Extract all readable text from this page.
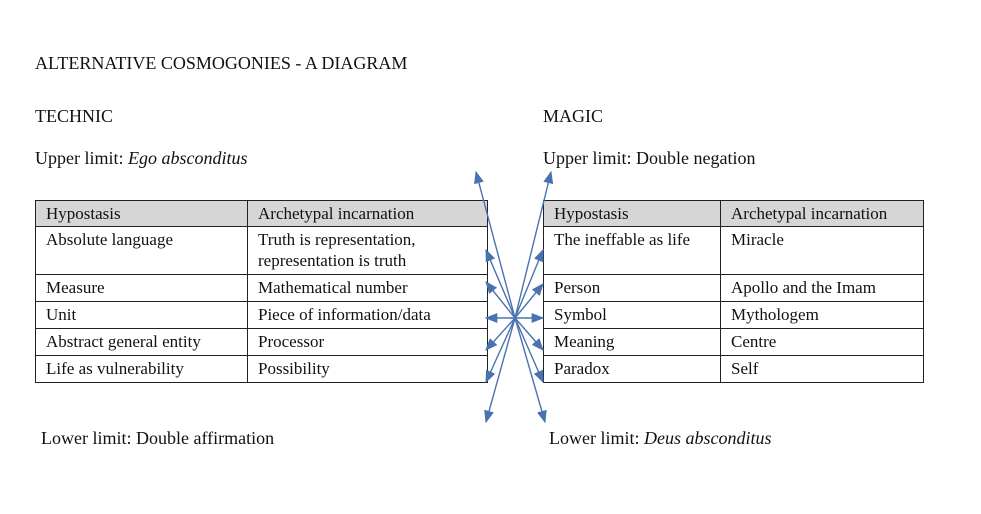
ALTERNATIVE COSMOGONIES - A DIAGRAM
TECHNIC	MAGIC
Upper limit: Ego absconditus	Upper limit: Double negation
Hypostasis	Archetypal incarnation
Absolute language	Truth is representation, representation is truth
Measure	Mathematical number
Unit	Piece of information/data
Abstract general entity	Processor
Life as vulnerability	Possibility
Hypostasis	Archetypal incarnation
The ineffable as life	Miracle
Person	Apollo and the Imam
Symbol	Mythologem
Meaning	Centre
Paradox	Self
Lower limit: Double affirmation	Lower limit: Deus absconditus
